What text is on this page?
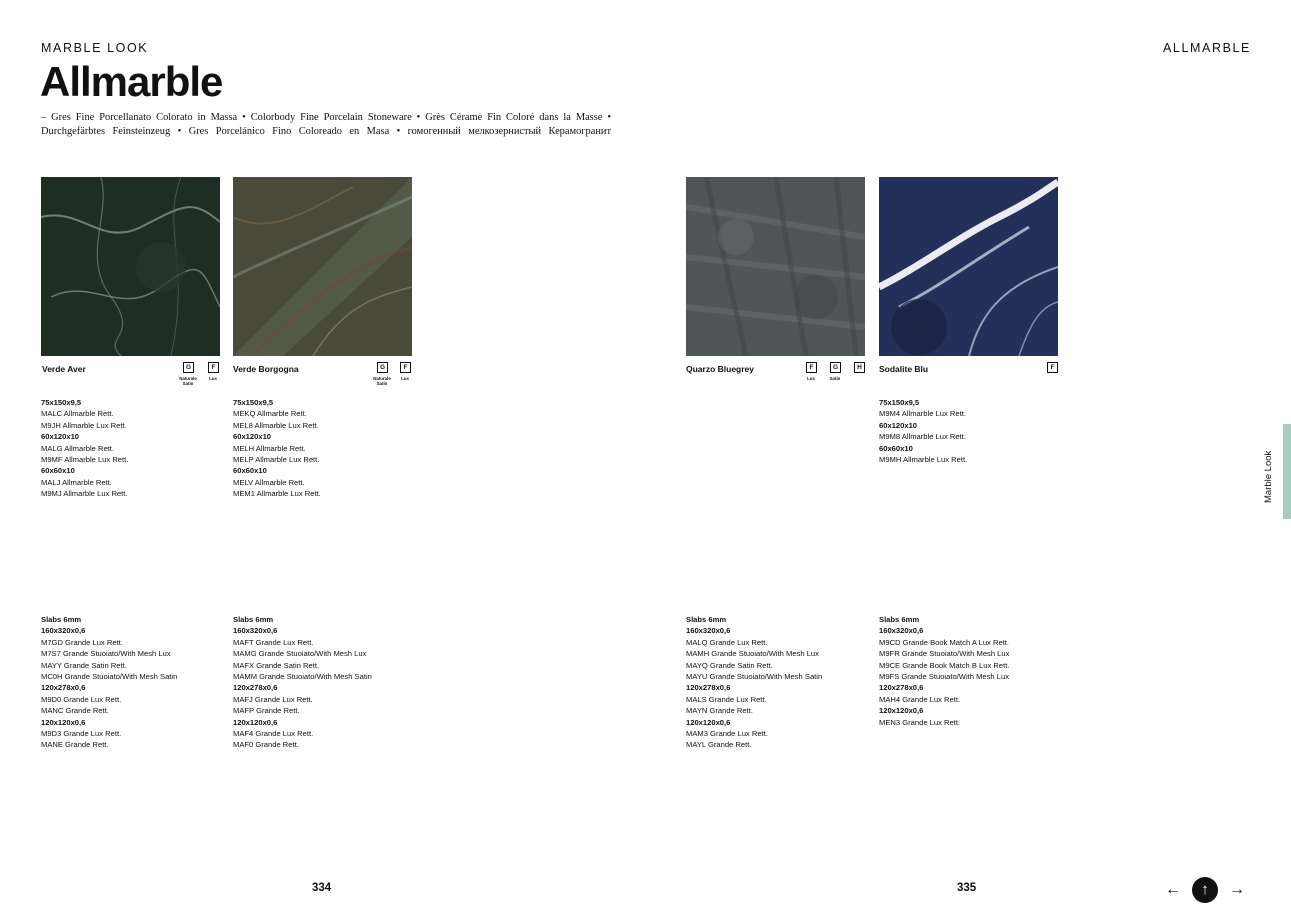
MARBLE LOOK	ALLMARBLE
Allmarble
– Gres Fine Porcellanato Colorato in Massa • Colorbody Fine Porcelain Stoneware • Grès Cérame Fin Coloré dans la Masse • Durchgefärbtes Feinsteinzeug • Gres Porcelánico Fino Coloreado en Masa • гомогенный мелкозернистый Керамогранит
Verde Aver	Verde Borgogna	Quarzo Bluegrey	Sodalite Blu
G
Naturale Satin
F
Lux
G
Naturale Satin
F
Lux
F
Lux
G
Satin
H	F
75x150x9,5
MALC Allmarble Rett.
M9JH Allmarble Lux Rett.
60x120x10
MALG Allmarble Rett.
M9MF Allmarble Lux Rett.
60x60x10
MALJ Allmarble Rett.
M9MJ Allmarble Lux Rett.
75x150x9,5
MEKQ Allmarble Rett.
MEL8 Allmarble Lux Rett.
60x120x10
MELH Allmarble Rett.
MELP Allmarble Lux Rett.
60x60x10
MELV Allmarble Rett.
MEM1 Allmarble Lux Rett.
75x150x9,5
M9M4 Allmarble Lux Rett.
60x120x10
M9M8 Allmarble Lux Rett.
60x60x10
M9MH Allmarble Lux Rett.
Slabs 6mm
160x320x0,6
M7GD Grande Lux Rett.
M7S7 Grande Stuoiato/With Mesh Lux
MAYY Grande Satin Rett.
MC0H Grande Stuoiato/With Mesh Satin
120x278x0,6
M9D0 Grande Lux Rett.
MANC Grande Rett.
120x120x0,6
M9D3 Grande Lux Rett.
MANE Grande Rett.
Slabs 6mm
160x320x0,6
MAFT Grande Lux Rett.
MAMG Grande Stuoiato/With Mesh Lux
MAFX Grande Satin Rett.
MAMM Grande Stuoiato/With Mesh Satin
120x278x0,6
MAFJ Grande Lux Rett.
MAFP Grande Rett.
120x120x0,6
MAF4 Grande Lux Rett.
MAF0 Grande Rett.
Slabs 6mm
160x320x0,6
MALQ Grande Lux Rett.
MAMH Grande Stuoiato/With Mesh Lux
MAYQ Grande Satin Rett.
MAYU Grande Stuoiato/With Mesh Satin
120x278x0,6
MALS Grande Lux Rett.
MAYN Grande Rett.
120x120x0,6
MAM3 Grande Lux Rett.
MAYL Grande Rett.
Slabs 6mm
160x320x0,6
M9CD Grande Book Match A Lux Rett.
M9FR Grande Stuoiato/With Mesh Lux
M9CE Grande Book Match B Lux Rett.
M9FS Grande Stuoiato/With Mesh Lux
120x278x0,6
MAH4 Grande Lux Rett.
120x120x0,6
MEN3 Grande Lux Rett.
334	335
Marble Look
←	↑	→
